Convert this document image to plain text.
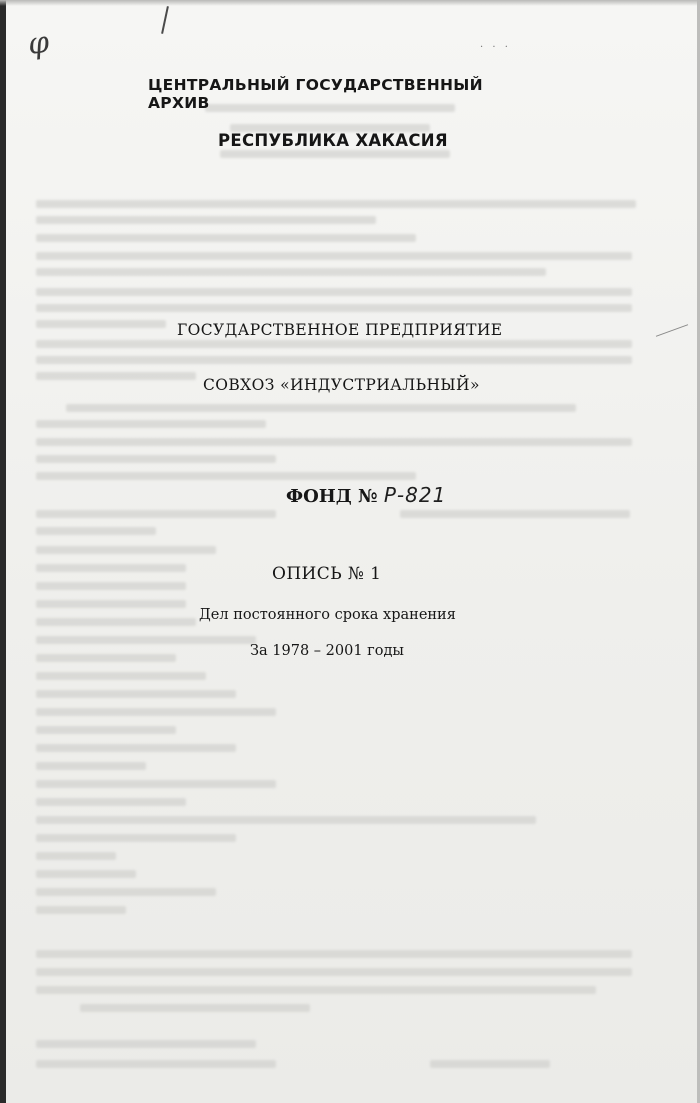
φ	· · ·
ЦЕНТРАЛЬНЫЙ ГОСУДАРСТВЕННЫЙ АРХИВ
РЕСПУБЛИКА ХАКАСИЯ
ГОСУДАРСТВЕННОЕ ПРЕДПРИЯТИЕ
СОВХОЗ «ИНДУСТРИАЛЬНЫЙ»
ФОНД № Р-821
ОПИСЬ № 1
Дел постоянного срока хранения
За 1978 – 2001 годы
